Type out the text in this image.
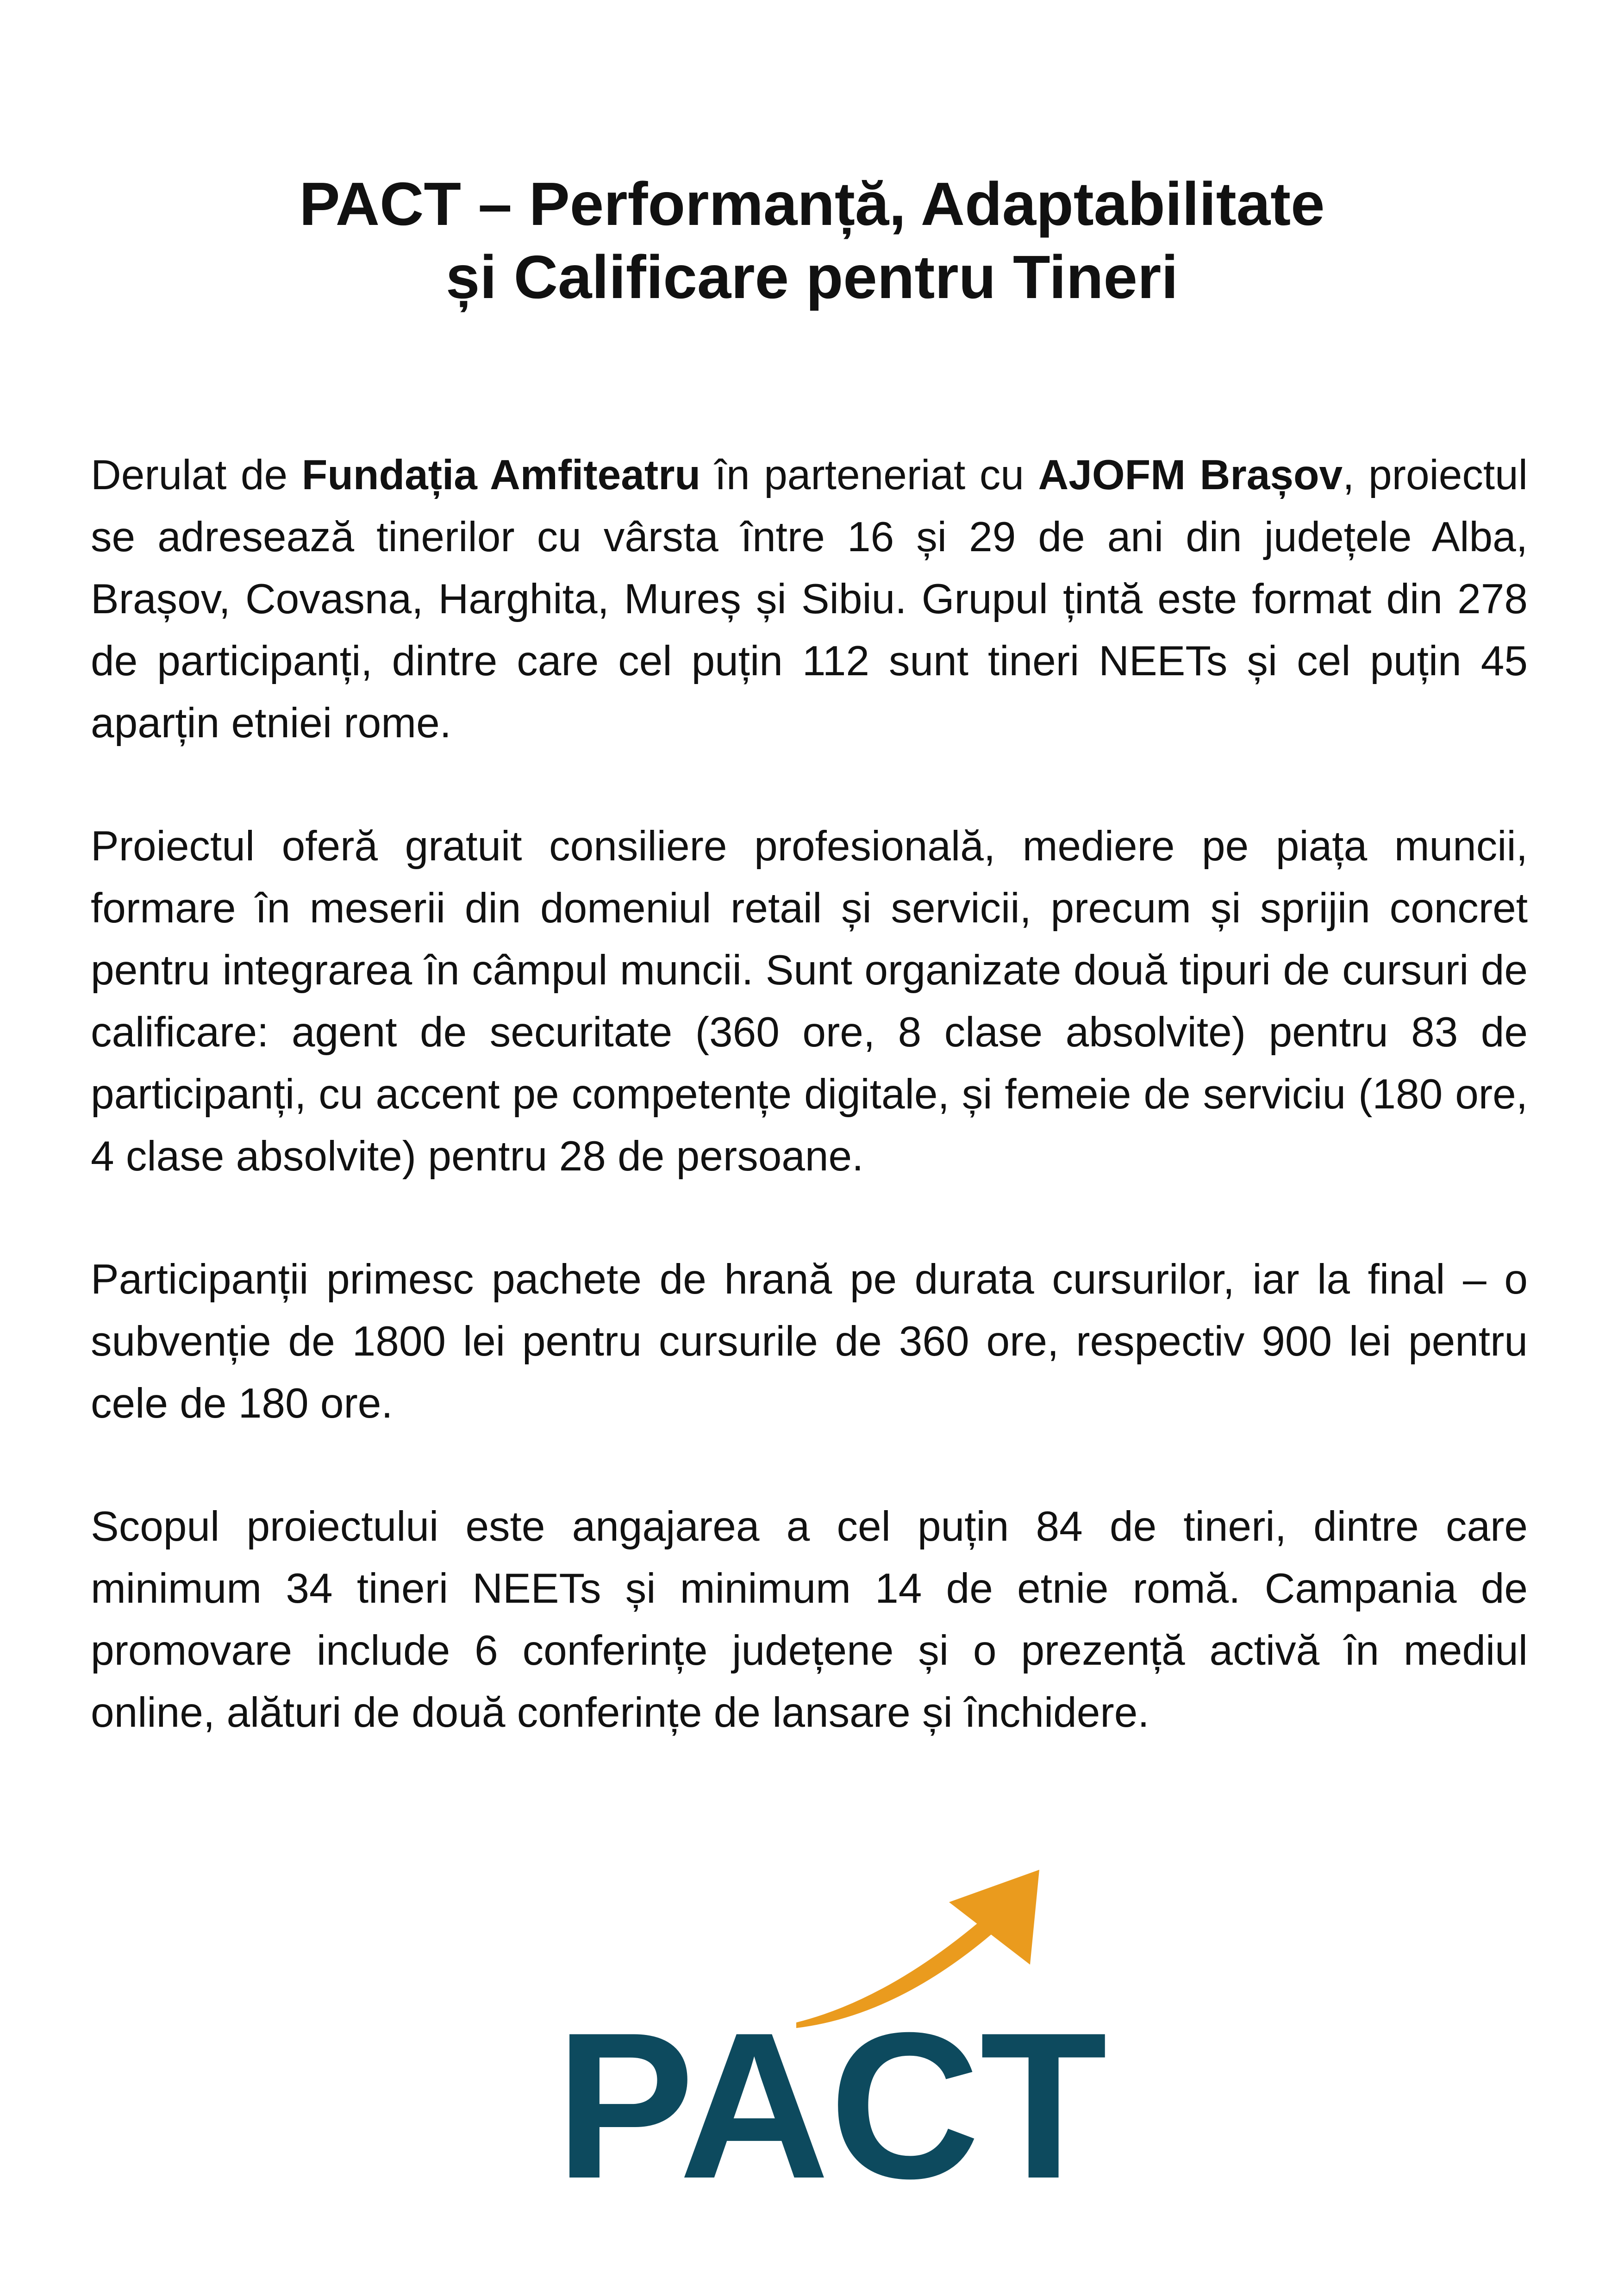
PACT – Performanță, Adaptabilitate
și Calificare pentru Tineri

Derulat de Fundația Amfiteatru în parteneriat cu AJOFM Brașov, proiectul se adresează tinerilor cu vârsta între 16 și 29 de ani din județele Alba, Brașov, Covasna, Harghita, Mureș și Sibiu. Grupul țintă este format din 278 de participanți, dintre care cel puțin 112 sunt tineri NEETs și cel puțin 45 aparțin etniei rome.

Proiectul oferă gratuit consiliere profesională, mediere pe piața muncii, formare în meserii din domeniul retail și servicii, precum și sprijin concret pentru integrarea în câmpul muncii. Sunt organizate două tipuri de cursuri de calificare: agent de securitate (360 ore, 8 clase absolvite) pentru 83 de participanți, cu accent pe competențe digitale, și femeie de serviciu (180 ore, 4 clase absolvite) pentru 28 de persoane.

Participanții primesc pachete de hrană pe durata cursurilor, iar la final – o subvenție de 1800 lei pentru cursurile de 360 ore, respectiv 900 lei pentru cele de 180 ore.

Scopul proiectului este angajarea a cel puțin 84 de tineri, dintre care minimum 34 tineri NEETs și minimum 14 de etnie romă. Campania de promovare include 6 conferințe județene și o prezență activă în mediul online, alături de două conferințe de lansare și închidere.

PACT
